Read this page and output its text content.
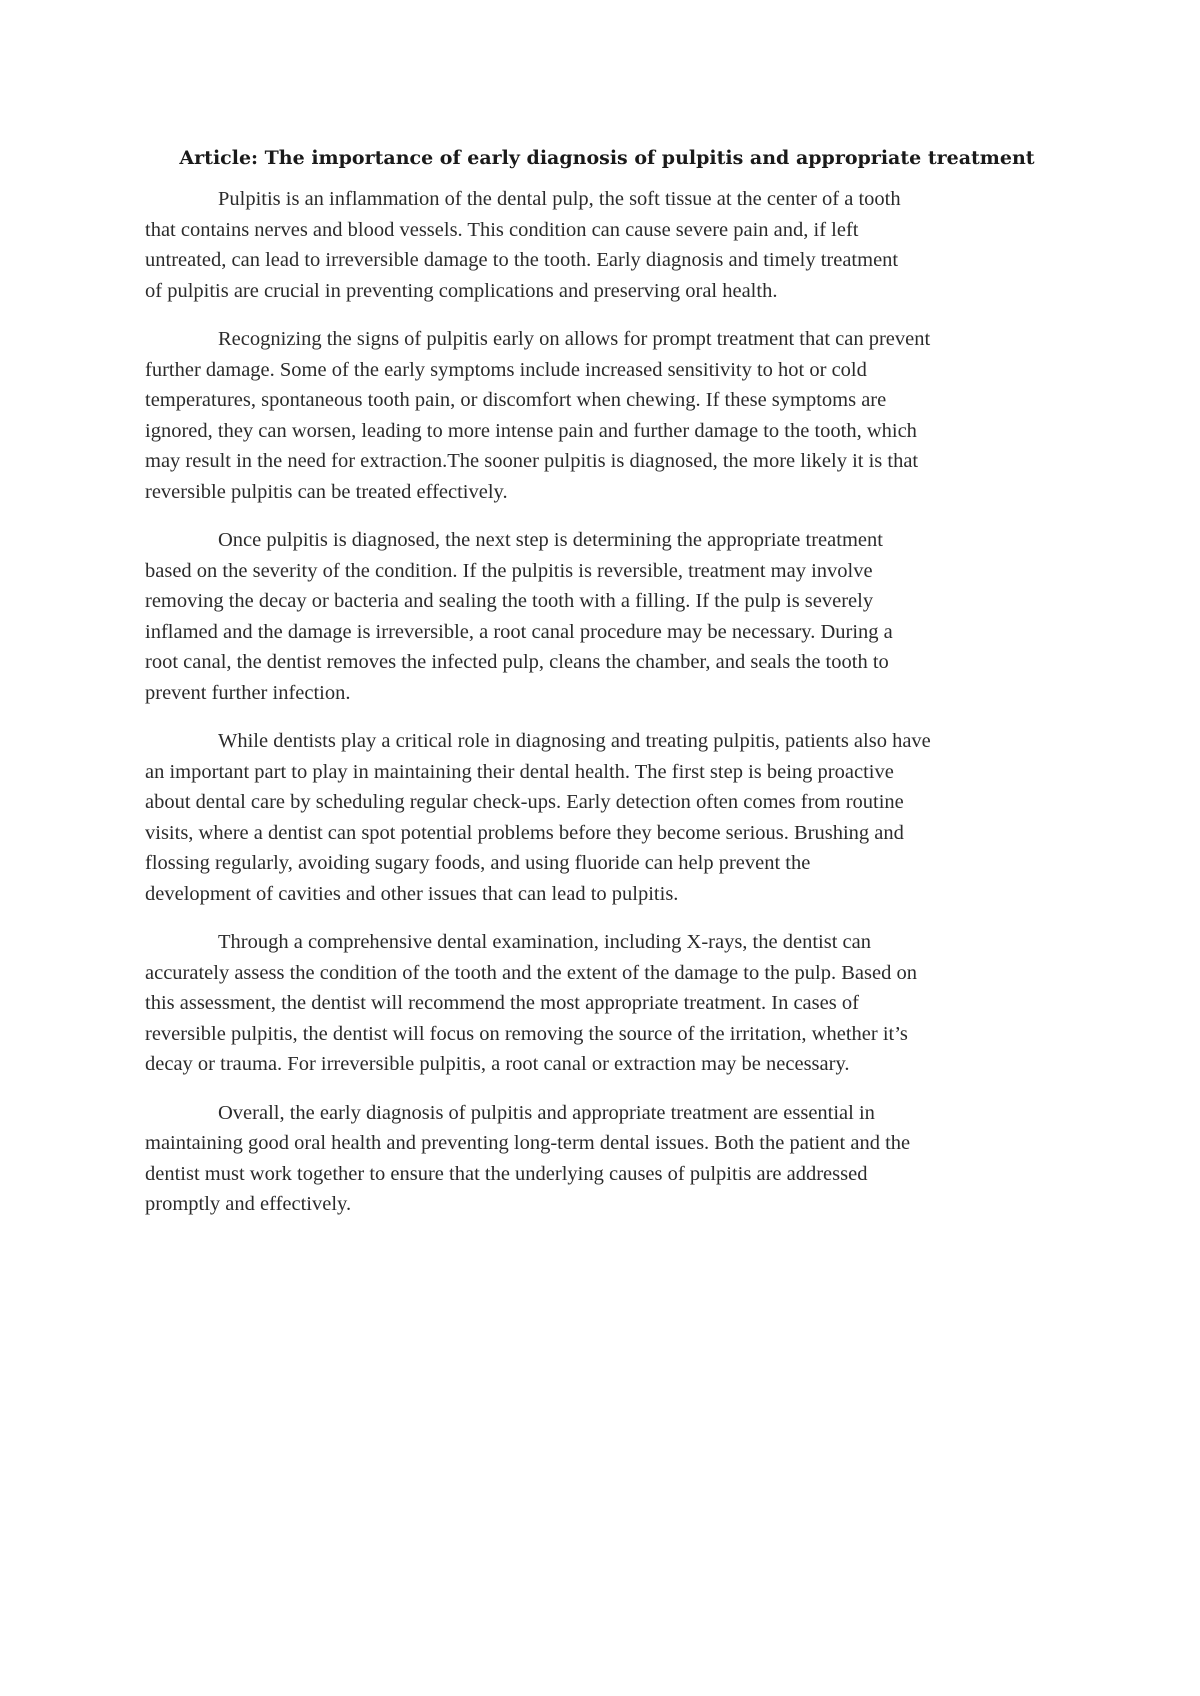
Article: The importance of early diagnosis of pulpitis and appropriate treatment
Pulpitis is an inflammation of the dental pulp, the soft tissue at the center of a tooth
that contains nerves and blood vessels. This condition can cause severe pain and, if left
untreated, can lead to irreversible damage to the tooth. Early diagnosis and timely treatment
of pulpitis are crucial in preventing complications and preserving oral health.
Recognizing the signs of pulpitis early on allows for prompt treatment that can prevent
further damage. Some of the early symptoms include increased sensitivity to hot or cold
temperatures, spontaneous tooth pain, or discomfort when chewing. If these symptoms are
ignored, they can worsen, leading to more intense pain and further damage to the tooth, which
may result in the need for extraction.The sooner pulpitis is diagnosed, the more likely it is that
reversible pulpitis can be treated effectively.
Once pulpitis is diagnosed, the next step is determining the appropriate treatment
based on the severity of the condition. If the pulpitis is reversible, treatment may involve
removing the decay or bacteria and sealing the tooth with a filling. If the pulp is severely
inflamed and the damage is irreversible, a root canal procedure may be necessary. During a
root canal, the dentist removes the infected pulp, cleans the chamber, and seals the tooth to
prevent further infection.
While dentists play a critical role in diagnosing and treating pulpitis, patients also have
an important part to play in maintaining their dental health. The first step is being proactive
about dental care by scheduling regular check-ups. Early detection often comes from routine
visits, where a dentist can spot potential problems before they become serious. Brushing and
flossing regularly, avoiding sugary foods, and using fluoride can help prevent the
development of cavities and other issues that can lead to pulpitis.
Through a comprehensive dental examination, including X-rays, the dentist can
accurately assess the condition of the tooth and the extent of the damage to the pulp. Based on
this assessment, the dentist will recommend the most appropriate treatment. In cases of
reversible pulpitis, the dentist will focus on removing the source of the irritation, whether it’s
decay or trauma. For irreversible pulpitis, a root canal or extraction may be necessary.
Overall, the early diagnosis of pulpitis and appropriate treatment are essential in
maintaining good oral health and preventing long-term dental issues. Both the patient and the
dentist must work together to ensure that the underlying causes of pulpitis are addressed
promptly and effectively.
